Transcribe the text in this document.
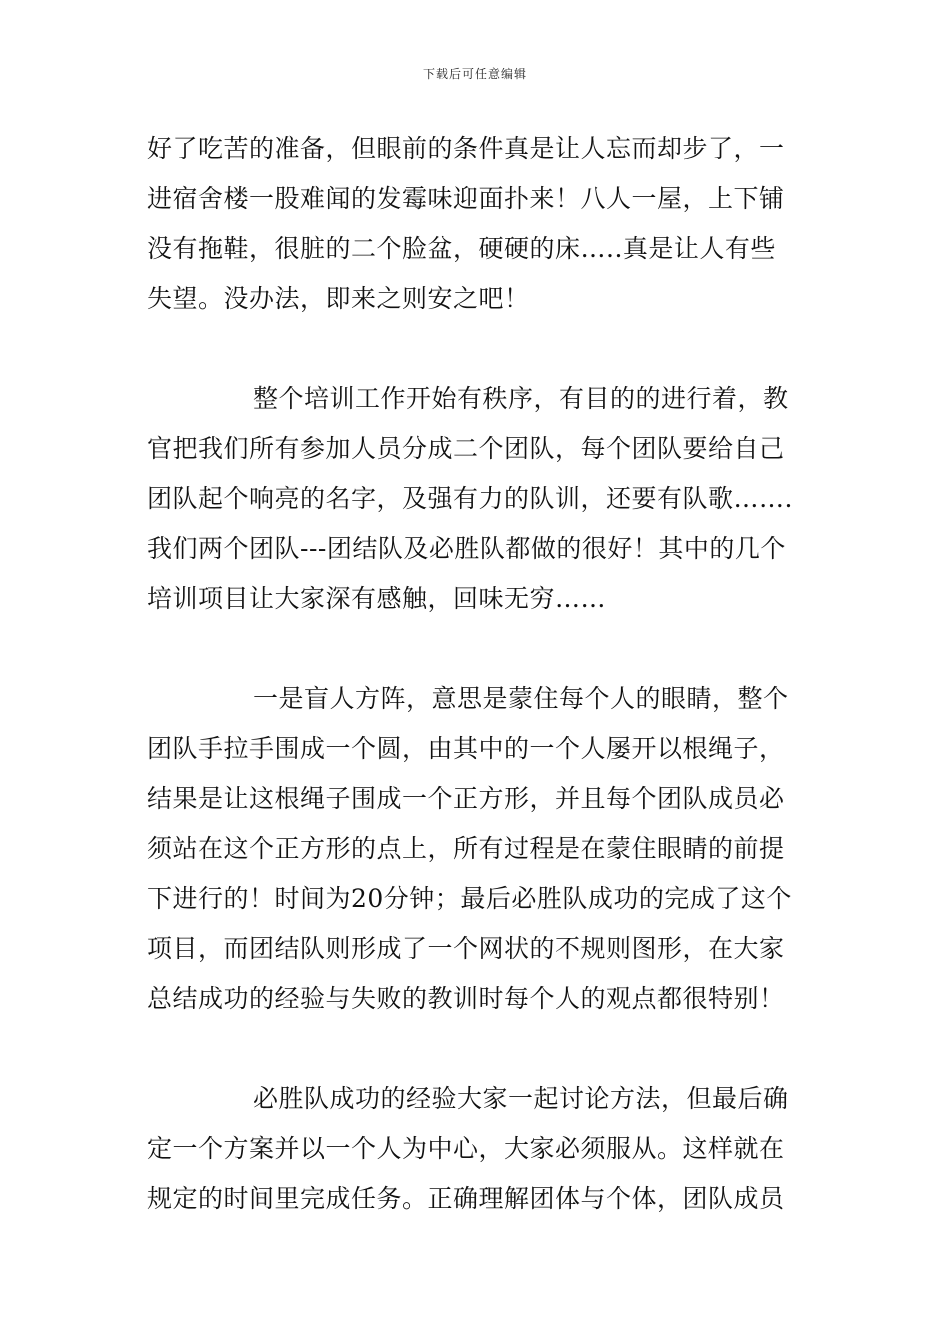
下载后可任意编辑
好了吃苦的准备，但眼前的条件真是让人忘而却步了，一
进宿舍楼一股难闻的发霉味迎面扑来！八人一屋，上下铺
没有拖鞋，很脏的二个脸盆，硬硬的床…..真是让人有些
失望。没办法，即来之则安之吧！
整个培训工作开始有秩序，有目的的进行着，教
官把我们所有参加人员分成二个团队，每个团队要给自己
团队起个响亮的名字，及强有力的队训，还要有队歌…….
我们两个团队---团结队及必胜队都做的很好！其中的几个
培训项目让大家深有感触，回味无穷……
一是盲人方阵，意思是蒙住每个人的眼睛，整个
团队手拉手围成一个圆，由其中的一个人屡开以根绳子，
结果是让这根绳子围成一个正方形，并且每个团队成员必
须站在这个正方形的点上，所有过程是在蒙住眼睛的前提
下进行的！时间为20分钟；最后必胜队成功的完成了这个
项目，而团结队则形成了一个网状的不规则图形，在大家
总结成功的经验与失败的教训时每个人的观点都很特别！
必胜队成功的经验大家一起讨论方法，但最后确
定一个方案并以一个人为中心，大家必须服从。这样就在
规定的时间里完成任务。正确理解团体与个体，团队成员
